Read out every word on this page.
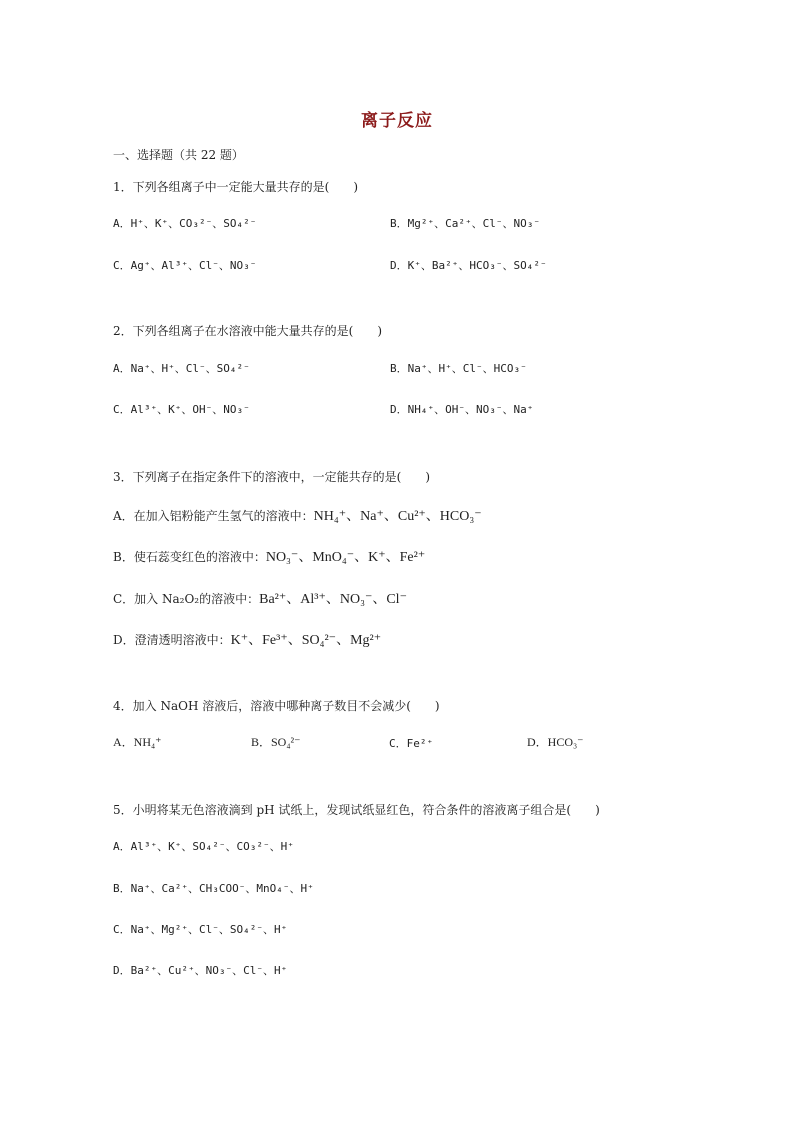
离子反应
一、选择题（共 22 题）
1．下列各组离子中一定能大量共存的是(　　)
A．H⁺、K⁺、CO₃²⁻、SO₄²⁻	B．Mg²⁺、Ca²⁺、Cl⁻、NO₃⁻
C．Ag⁺、Al³⁺、Cl⁻、NO₃⁻	D．K⁺、Ba²⁺、HCO₃⁻、SO₄²⁻
2．下列各组离子在水溶液中能大量共存的是(　　)
A．Na⁺、H⁺、Cl⁻、SO₄²⁻	B．Na⁺、H⁺、Cl⁻、HCO₃⁻
C．Al³⁺、K⁺、OH⁻、NO₃⁻	D．NH₄⁺、OH⁻、NO₃⁻、Na⁺
3．下列离子在指定条件下的溶液中，一定能共存的是(　　)
A．在加入铝粉能产生氢气的溶液中：NH₄⁺、Na⁺、Cu²⁺、HCO₃⁻
B．使石蕊变红色的溶液中：NO₃⁻、MnO₄⁻、K⁺、Fe²⁺
C．加入 Na₂O₂的溶液中：Ba²⁺、Al³⁺、NO₃⁻、Cl⁻
D．澄清透明溶液中：K⁺、Fe³⁺、SO₄²⁻、Mg²⁺
4．加入 NaOH 溶液后，溶液中哪种离子数目不会减少(　　)
A．NH₄⁺	B．SO₄²⁻	C．Fe²⁺	D．HCO₃⁻
5．小明将某无色溶液滴到 pH 试纸上，发现试纸显红色，符合条件的溶液离子组合是(　　)
A．Al³⁺、K⁺、SO₄²⁻、CO₃²⁻、H⁺
B．Na⁺、Ca²⁺、CH₃COO⁻、MnO₄⁻、H⁺
C．Na⁺、Mg²⁺、Cl⁻、SO₄²⁻、H⁺
D．Ba²⁺、Cu²⁺、NO₃⁻、Cl⁻、H⁺
